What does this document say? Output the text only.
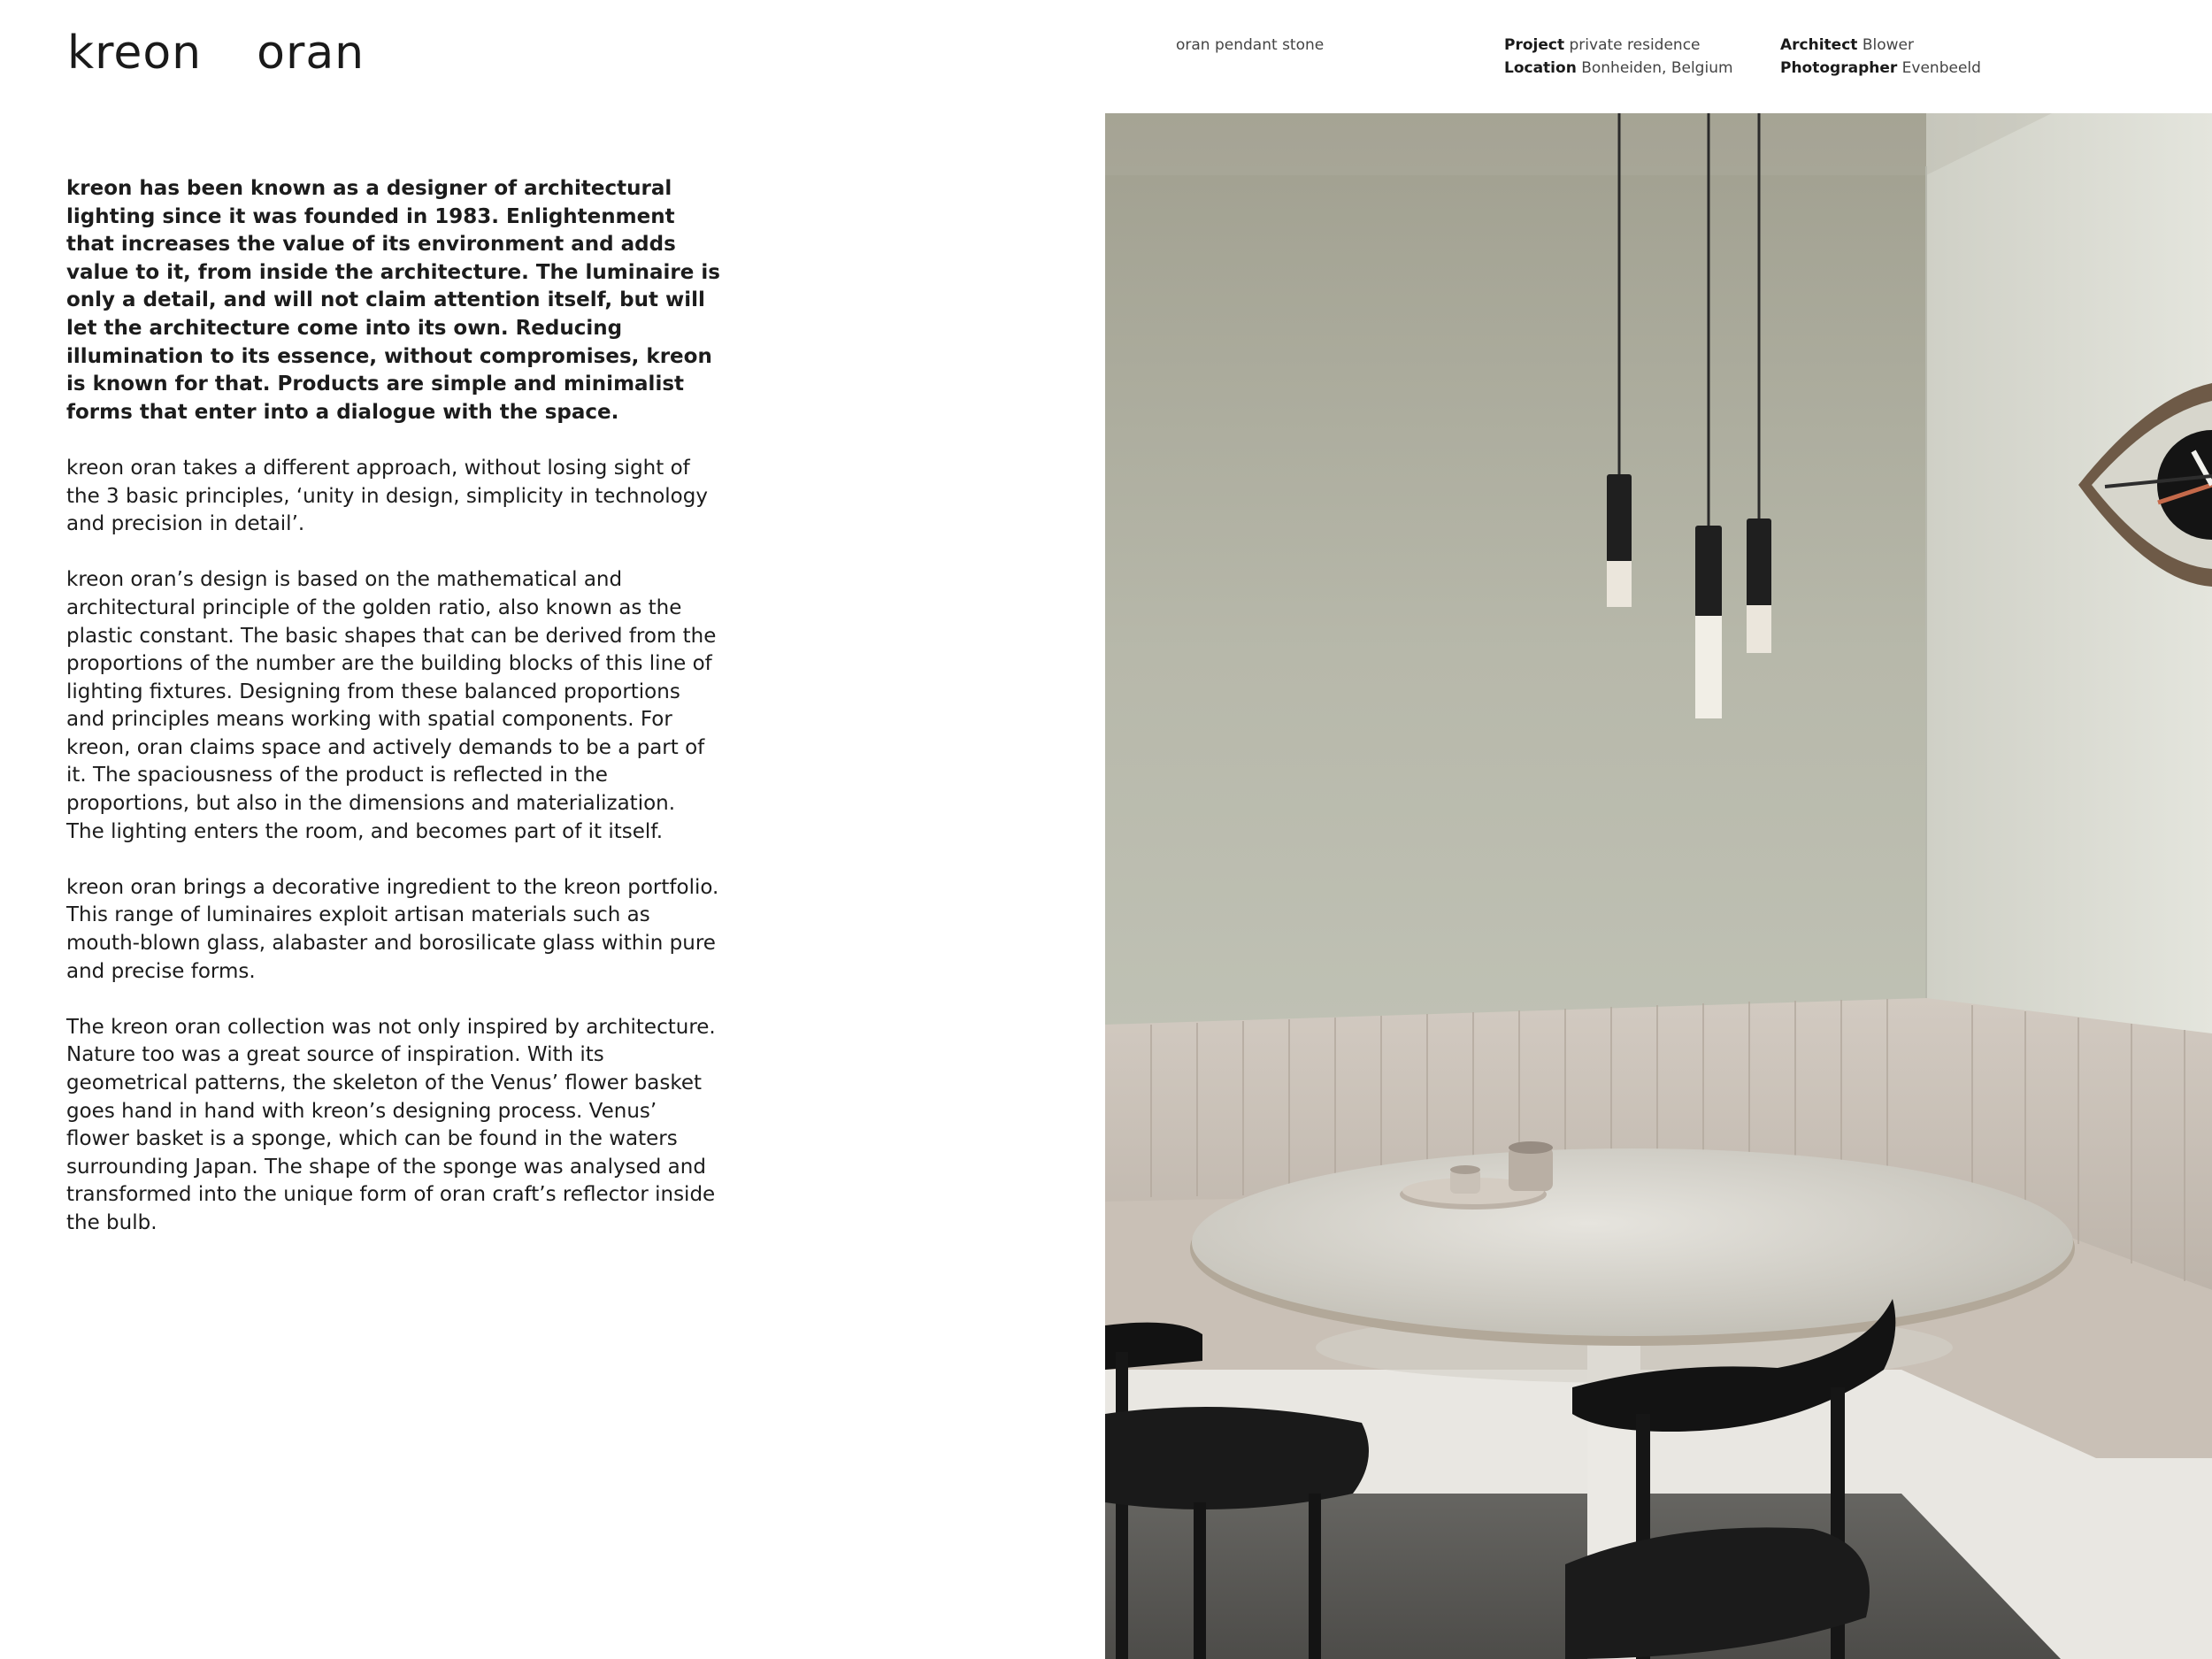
kreon oran	oran pendant stone	Project private residence
Location Bonheiden, Belgium
Architect Blower
Photographer Evenbeeld

kreon has been known as a designer of architectural lighting since it was founded in 1983. Enlightenment that increases the value of its environment and adds value to it, from inside the architecture. The luminaire is only a detail, and will not claim attention itself, but will let the architecture come into its own. Reducing illumination to its essence, without compromises, kreon is known for that. Products are simple and minimalist forms that enter into a dialogue with the space.

kreon oran takes a different approach, without losing sight of the 3 basic principles, ‘unity in design, simplicity in technology and precision in detail’.

kreon oran’s design is based on the mathematical and architectural principle of the golden ratio, also known as the plastic constant. The basic shapes that can be derived from the proportions of the number are the building blocks of this line of lighting fixtures. Designing from these balanced proportions and principles means working with spatial components. For kreon, oran claims space and actively demands to be a part of it. The spaciousness of the product is reflected in the proportions, but also in the dimensions and materialization.
The lighting enters the room, and becomes part of it itself.

kreon oran brings a decorative ingredient to the kreon portfolio. This range of luminaires exploit artisan materials such as mouth-blown glass, alabaster and borosilicate glass within pure and precise forms.

The kreon oran collection was not only inspired by architecture. Nature too was a great source of inspiration. With its geometrical patterns, the skeleton of the Venus’ flower basket goes hand in hand with kreon’s designing process. Venus’ flower basket is a sponge, which can be found in the waters surrounding Japan. The shape of the sponge was analysed and transformed into the unique form of oran craft’s reflector inside the bulb.
